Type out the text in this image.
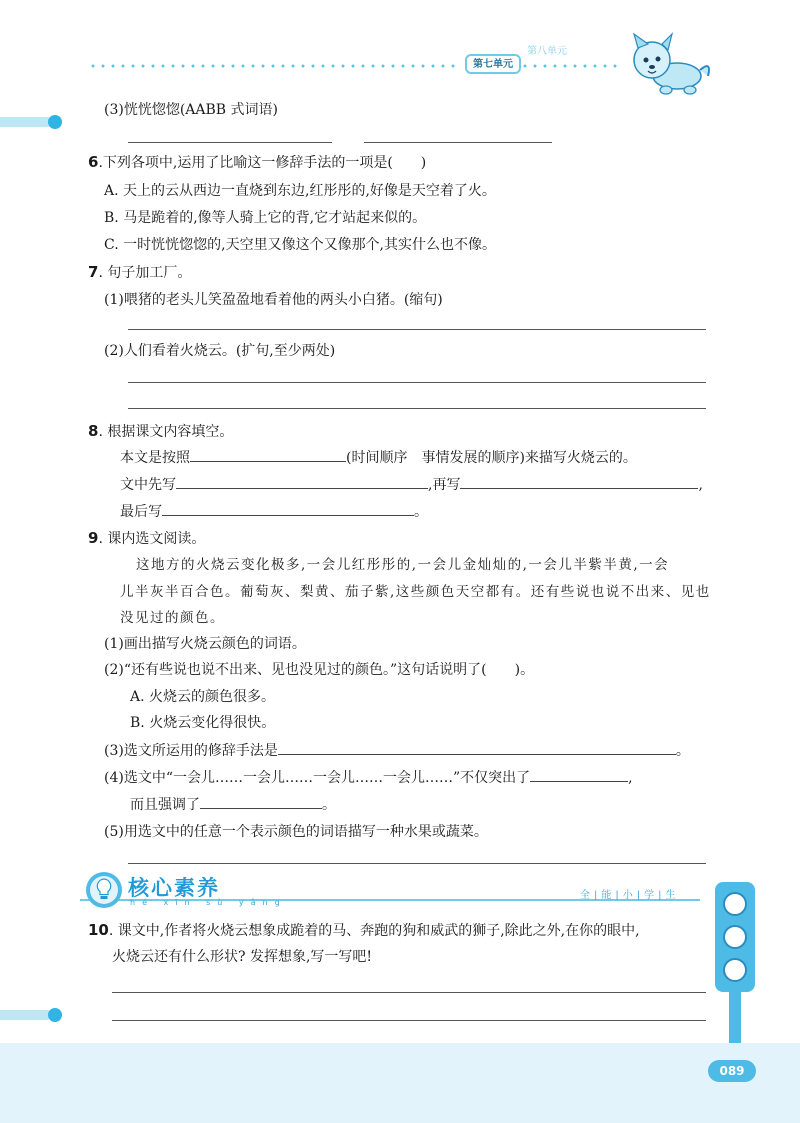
第八单元
第七单元
(3)恍恍惚惚(AABB 式词语)
6.下列各项中,运用了比喻这一修辞手法的一项是(　　)
A. 天上的云从西边一直烧到东边,红彤彤的,好像是天空着了火。
B. 马是跪着的,像等人骑上它的背,它才站起来似的。
C. 一时恍恍惚惚的,天空里又像这个又像那个,其实什么也不像。
7. 句子加工厂。
(1)喂猪的老头儿笑盈盈地看着他的两头小白猪。(缩句)
(2)人们看着火烧云。(扩句,至少两处)
8. 根据课文内容填空。
本文是按照	(时间顺序　事情发展的顺序)来描写火烧云的。
文中先写	,再写	,
最后写	。
9. 课内选文阅读。
这地方的火烧云变化极多,一会儿红彤彤的,一会儿金灿灿的,一会儿半紫半黄,一会
儿半灰半百合色。葡萄灰、梨黄、茄子紫,这些颜色天空都有。还有些说也说不出来、见也
没见过的颜色。
(1)画出描写火烧云颜色的词语。
(2)“还有些说也说不出来、见也没见过的颜色。”这句话说明了(　　)。
A. 火烧云的颜色很多。
B. 火烧云变化得很快。
(3)选文所运用的修辞手法是	。
(4)选文中“一会儿……一会儿……一会儿……一会儿……”不仅突出了	,
而且强调了	。
(5)用选文中的任意一个表示颜色的词语描写一种水果或蔬菜。
核心素养
hé xīn sù yǎng
全|能|小|学|生
10. 课文中,作者将火烧云想象成跪着的马、奔跑的狗和威武的狮子,除此之外,在你的眼中,
火烧云还有什么形状? 发挥想象,写一写吧!
089
